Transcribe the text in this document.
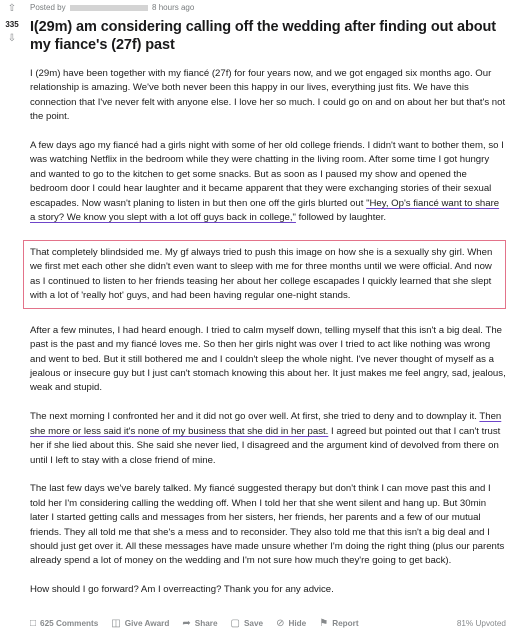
⇧
335
⇩
Posted by	8 hours ago
I(29m) am considering calling off the wedding after finding out about my fiance's (27f) past

I (29m) have been together with my fiancé (27f) for four years now, and we got engaged six months ago. Our relationship is amazing. We've both never been this happy in our lives, everything just fits. We have this connection that I've never felt with anyone else. I love her so much. I could go on and on about her but that's not the point.

A few days ago my fiancé had a girls night with some of her old college friends. I didn't want to bother them, so I was watching Netflix in the bedroom while they were chatting in the living room. After some time I got hungry and wanted to go to the kitchen to get some snacks. But as soon as I paused my show and opened the bedroom door I could hear laughter and it became apparent that they were exchanging stories of their sexual escapades. Now wasn't planing to listen in but then one off the girls blurted out "Hey, Op's fiancé want to share a story? We know you slept with a lot off guys back in college," followed by laughter.

That completely blindsided me. My gf always tried to push this image on how she is a sexually shy girl. When we first met each other she didn't even want to sleep with me for three months until we were official. And now as I continued to listen to her friends teasing her about her college escapades I quickly learned that she slept with a lot of 'really hot' guys, and had been having regular one-night stands.

After a few minutes, I had heard enough. I tried to calm myself down, telling myself that this isn't a big deal. The past is the past and my fiancé loves me. So then her girls night was over I tried to act like nothing was wrong and went to bed. But it still bothered me and I couldn't sleep the whole night. I've never thought of myself as a jealous or insecure guy but I just can't stomach knowing this about her. It just makes me feel angry, sad, jealous, weak and stupid.

The next morning I confronted her and it did not go over well. At first, she tried to deny and to downplay it. Then she more or less said it's none of my business that she did in her past. I agreed but pointed out that I can't trust her if she lied about this. She said she never lied, I disagreed and the argument kind of devolved from there on until I left to stay with a close friend of mine.

The last few days we've barely talked. My fiancé suggested therapy but don't think I can move past this and I told her I'm considering calling the wedding off. When I told her that she went silent and hang up. But 30min later I started getting calls and messages from her sisters, her friends, her parents and a few of our mutual friends. They all told me that she's a mess and to reconsider. They also told me that this isn't a big deal and I should just get over it. All these messages have made unsure whether I'm doing the right thing (plus our parents already spend a lot of money on the wedding and I'm not sure how much they're going to get back).

How should I go forward? Am I overreacting? Thank you for any advice.

□ 625 Comments ◫ Give Award ➦ Share ▢ Save ⊘ Hide ⚑ Report	81% Upvoted
